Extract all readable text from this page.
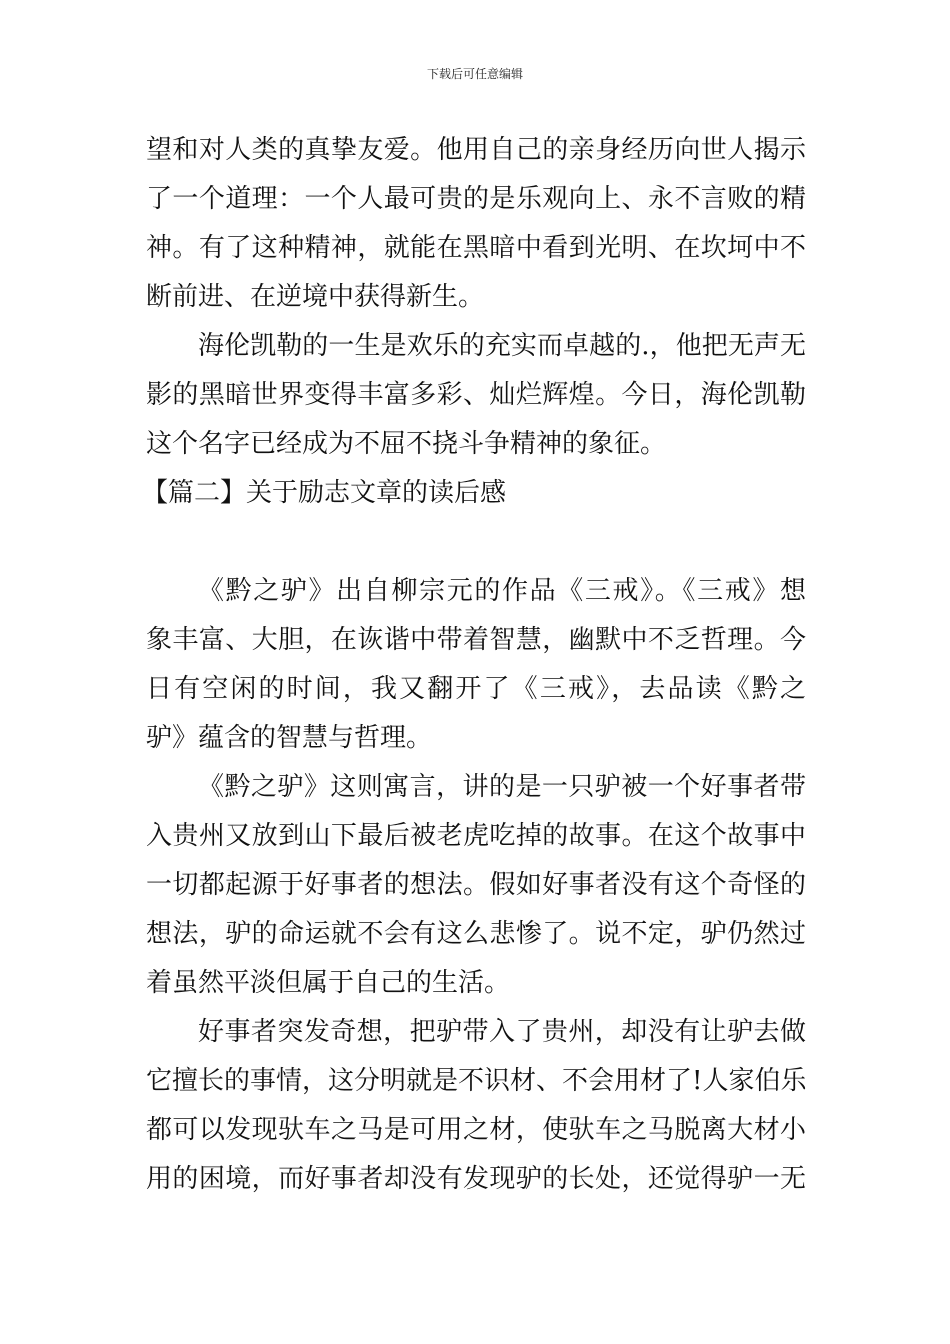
下载后可任意编辑
望和对人类的真挚友爱。他用自己的亲身经历向世人揭示
了一个道理：一个人最可贵的是乐观向上、永不言败的精
神。有了这种精神，就能在黑暗中看到光明、在坎坷中不
断前进、在逆境中获得新生。
海伦凯勒的一生是欢乐的充实而卓越的.，他把无声无
影的黑暗世界变得丰富多彩、灿烂辉煌。今日，海伦凯勒
这个名字已经成为不屈不挠斗争精神的象征。
【篇二】关于励志文章的读后感
《黔之驴》出自柳宗元的作品《三戒》。《三戒》想
象丰富、大胆，在诙谐中带着智慧，幽默中不乏哲理。今
日有空闲的时间，我又翻开了《三戒》，去品读《黔之
驴》蕴含的智慧与哲理。
《黔之驴》这则寓言，讲的是一只驴被一个好事者带
入贵州又放到山下最后被老虎吃掉的故事。在这个故事中
一切都起源于好事者的想法。假如好事者没有这个奇怪的
想法，驴的命运就不会有这么悲惨了。说不定，驴仍然过
着虽然平淡但属于自己的生活。
好事者突发奇想，把驴带入了贵州，却没有让驴去做
它擅长的事情，这分明就是不识材、不会用材了!人家伯乐
都可以发现驮车之马是可用之材，使驮车之马脱离大材小
用的困境，而好事者却没有发现驴的长处，还觉得驴一无
